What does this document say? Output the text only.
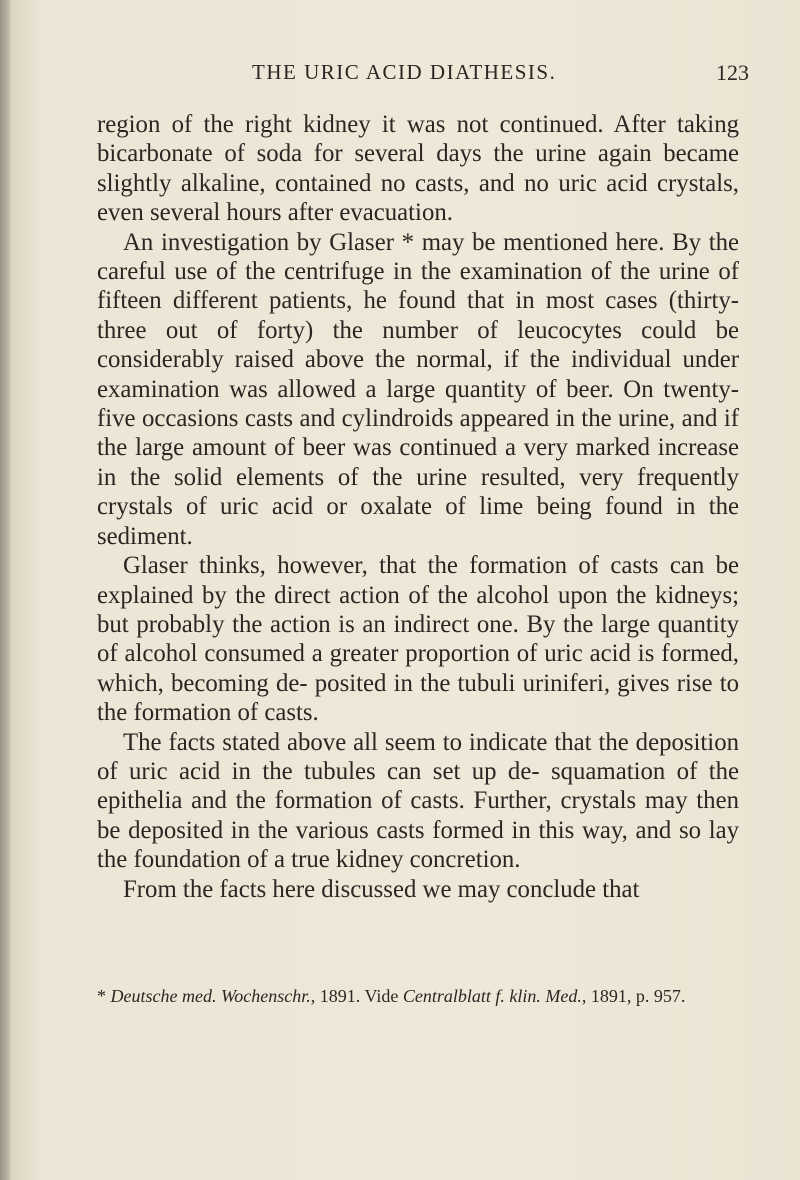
THE URIC ACID DIATHESIS.	123

region of the right kidney it was not continued. After taking bicarbonate of soda for several days the urine again became slightly alkaline, contained no casts, and no uric acid crystals, even several hours after evacuation.

An investigation by Glaser * may be mentioned here. By the careful use of the centrifuge in the examination of the urine of fifteen different patients, he found that in most cases (thirty-three out of forty) the number of leucocytes could be considerably raised above the normal, if the individual under examination was allowed a large quantity of beer. On twenty-five occasions casts and cylindroids appeared in the urine, and if the large amount of beer was continued a very marked increase in the solid elements of the urine resulted, very frequently crystals of uric acid or oxalate of lime being found in the sediment.

Glaser thinks, however, that the formation of casts can be explained by the direct action of the alcohol upon the kidneys; but probably the action is an indirect one. By the large quantity of alcohol consumed a greater proportion of uric acid is formed, which, becoming de- posited in the tubuli uriniferi, gives rise to the formation of casts.

The facts stated above all seem to indicate that the deposition of uric acid in the tubules can set up de- squamation of the epithelia and the formation of casts. Further, crystals may then be deposited in the various casts formed in this way, and so lay the foundation of a true kidney concretion.

From the facts here discussed we may conclude that

* Deutsche med. Wochenschr., 1891. Vide Centralblatt f. klin. Med., 1891, p. 957.
